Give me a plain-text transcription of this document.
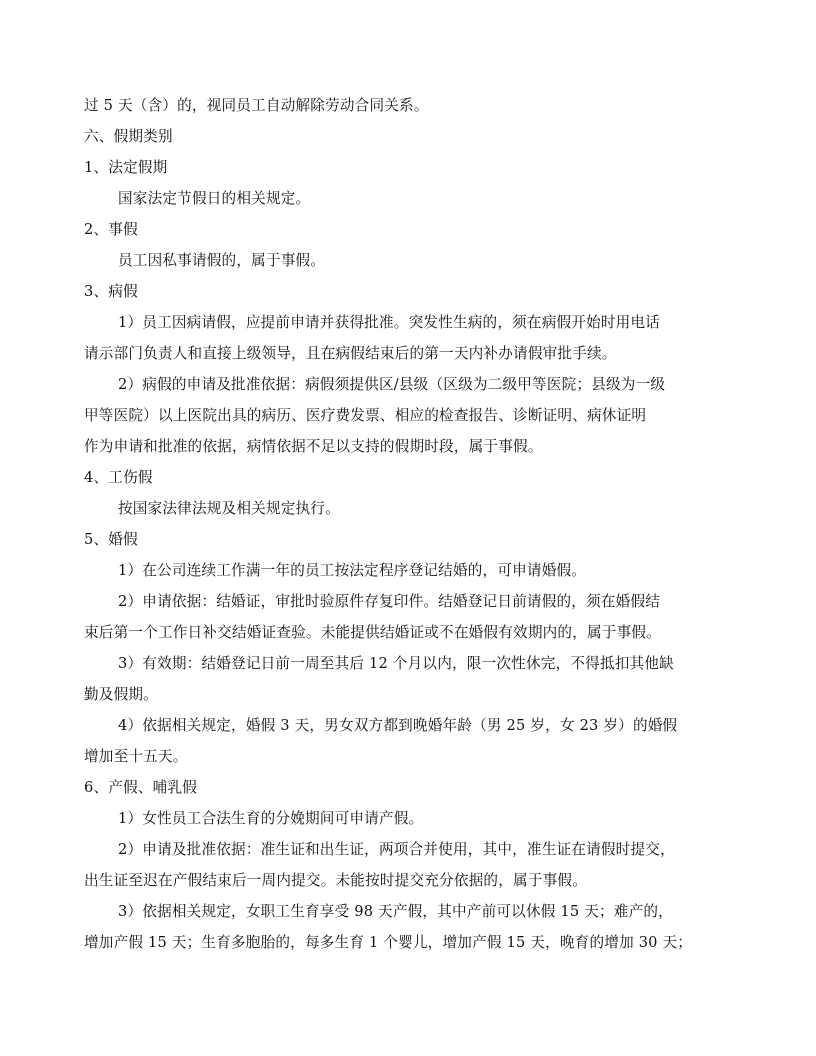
过 5 天（含）的，视同员工自动解除劳动合同关系。
六、假期类别
1、法定假期
国家法定节假日的相关规定。
2、事假
员工因私事请假的，属于事假。
3、病假
1）员工因病请假，应提前申请并获得批准。突发性生病的，须在病假开始时用电话
请示部门负责人和直接上级领导，且在病假结束后的第一天内补办请假审批手续。
2）病假的申请及批准依据：病假须提供区/县级（区级为二级甲等医院；县级为一级
甲等医院）以上医院出具的病历、医疗费发票、相应的检查报告、诊断证明、病休证明
作为申请和批准的依据，病情依据不足以支持的假期时段，属于事假。
4、工伤假
按国家法律法规及相关规定执行。
5、婚假
1）在公司连续工作满一年的员工按法定程序登记结婚的，可申请婚假。
2）申请依据：结婚证，审批时验原件存复印件。结婚登记日前请假的，须在婚假结
束后第一个工作日补交结婚证查验。未能提供结婚证或不在婚假有效期内的，属于事假。
3）有效期：结婚登记日前一周至其后 12 个月以内，限一次性休完，不得抵扣其他缺
勤及假期。
4）依据相关规定，婚假 3 天，男女双方都到晚婚年龄（男 25 岁，女 23 岁）的婚假
增加至十五天。
6、产假、哺乳假
1）女性员工合法生育的分娩期间可申请产假。
2）申请及批准依据：准生证和出生证，两项合并使用，其中，准生证在请假时提交，
出生证至迟在产假结束后一周内提交。未能按时提交充分依据的，属于事假。
3）依据相关规定，女职工生育享受 98 天产假，其中产前可以休假 15 天；难产的，
增加产假 15 天；生育多胞胎的，每多生育 1 个婴儿，增加产假 15 天，晚育的增加 30 天；
